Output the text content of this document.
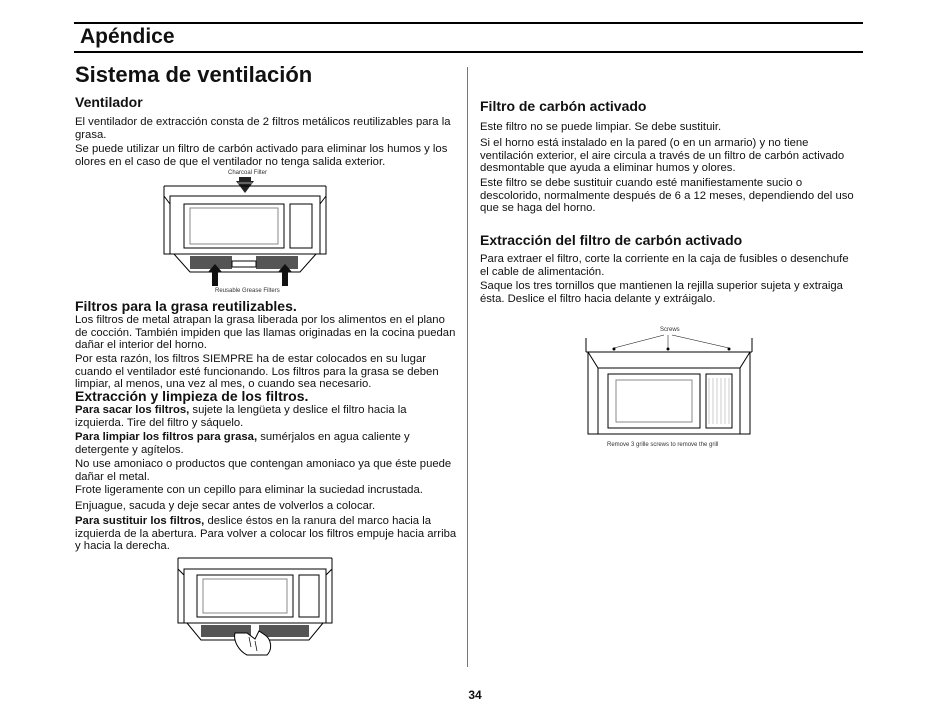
Apéndice
Sistema de ventilación
Ventilador
El ventilador de extracción consta de 2 filtros metálicos reutilizables para la grasa.
Se puede utilizar un filtro de carbón activado para eliminar los humos y los olores en el caso de que el ventilador no tenga salida exterior.
Charcoal Filter
Reusable Grease Filters
Filtros para la grasa reutilizables.
Los filtros de metal atrapan la grasa liberada por los alimentos en el plano de cocción. También impiden que las llamas originadas en la cocina puedan dañar el interior del horno.
Por esta razón, los filtros SIEMPRE ha de estar colocados en su lugar cuando el ventilador esté funcionando. Los filtros para la grasa se deben limpiar, al menos, una vez al mes, o cuando sea necesario.
Extracción y limpieza de los filtros.
Para sacar los filtros, sujete la lengüeta y deslice el filtro hacia la izquierda. Tire del filtro y sáquelo.
Para limpiar los filtros para grasa, sumérjalos en agua caliente y detergente y agítelos.
No use amoniaco o productos que contengan amoniaco ya que éste puede dañar el metal.
Frote ligeramente con un cepillo para eliminar la suciedad incrustada.
Enjuague, sacuda y deje secar antes de volverlos a colocar.
Para sustituir los filtros, deslice éstos en la ranura del marco hacia la izquierda de la abertura. Para volver a colocar los filtros empuje hacia arriba y hacia la derecha.
Filtro de carbón activado
Este filtro no se puede limpiar. Se debe sustituir.
Si el horno está instalado en la pared (o en un armario) y no tiene ventilación exterior, el aire circula a través de un filtro de carbón activado desmontable que ayuda a eliminar humos y olores.
Este filtro se debe sustituir cuando esté manifiestamente sucio o descolorido, normalmente después de 6 a 12 meses, dependiendo del uso que se haga del horno.
Extracción del filtro de carbón activado
Para extraer el filtro, corte la corriente en la caja de fusibles o desenchufe el cable de alimentación.
Saque los tres tornillos que mantienen la rejilla superior sujeta y extraiga ésta. Deslice el filtro hacia delante y extráigalo.
Screws
Remove 3 grille screws to remove the grill
34
